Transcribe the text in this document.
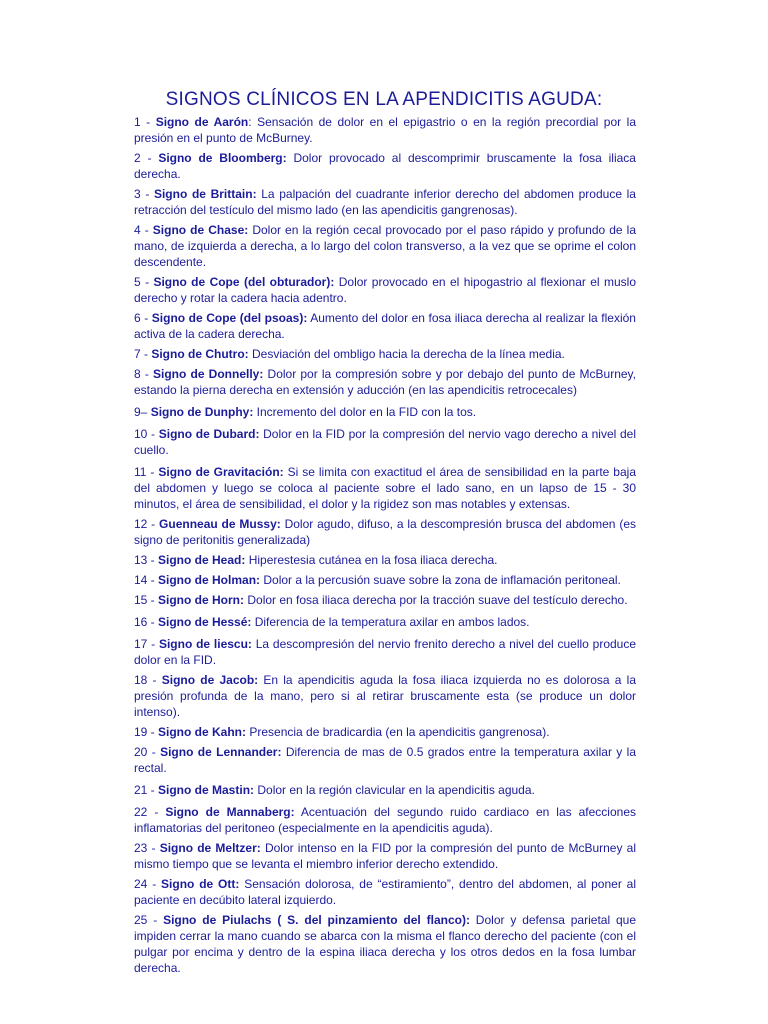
SIGNOS CLÍNICOS EN LA APENDICITIS AGUDA:
1 - Signo de Aarón: Sensación de dolor en el epigastrio o en la región precordial por la presión en el punto de McBurney.
2 - Signo de Bloomberg: Dolor provocado al descomprimir bruscamente la fosa iliaca derecha.
3 - Signo de Brittain: La palpación del cuadrante inferior derecho del abdomen produce la retracción del testículo del mismo lado (en las apendicitis gangrenosas).
4 - Signo de Chase: Dolor en la región cecal provocado por el paso rápido y profundo de la mano, de izquierda a derecha, a lo largo del colon transverso, a la vez que se oprime el colon descendente.
5 - Signo de Cope (del obturador): Dolor provocado en el hipogastrio al flexionar el muslo derecho y rotar la cadera hacia adentro.
6 - Signo de Cope (del psoas): Aumento del dolor en fosa iliaca derecha al realizar la flexión activa de la cadera derecha.
7 - Signo de Chutro: Desviación del ombligo hacia la derecha de la línea media.
8 - Signo de Donnelly: Dolor por la compresión sobre y por debajo del punto de McBurney, estando la pierna derecha en extensión y aducción (en las apendicitis retrocecales)
9– Signo de Dunphy: Incremento del dolor en la FID con la tos.
10 - Signo de Dubard: Dolor en la FID por la compresión del nervio vago derecho a nivel del cuello.
11 - Signo de Gravitación: Si se limita con exactitud el área de sensibilidad en la parte baja del abdomen y luego se coloca al paciente sobre el lado sano, en un lapso de 15 - 30 minutos, el área de sensibilidad, el dolor y la rigidez son mas notables y extensas.
12 - Guenneau de Mussy: Dolor agudo, difuso, a la descompresión brusca del abdomen (es signo de peritonitis generalizada)
13 - Signo de Head: Hiperestesia cutánea en la fosa iliaca derecha.
14 - Signo de Holman: Dolor a la percusión suave sobre la zona de inflamación peritoneal.
15 - Signo de Horn: Dolor en fosa iliaca derecha por la tracción suave del testículo derecho.
16 - Signo de Hessé: Diferencia de la temperatura axilar en ambos lados.
17 - Signo de liescu: La descompresión del nervio frenito derecho a nivel del cuello produce dolor en la FID.
18 - Signo de Jacob: En la apendicitis aguda la fosa iliaca izquierda no es dolorosa a la presión profunda de la mano, pero si al retirar bruscamente esta (se produce un dolor intenso).
19 - Signo de Kahn: Presencia de bradicardia (en la apendicitis gangrenosa).
20 - Signo de Lennander: Diferencia de mas de 0.5 grados entre la temperatura axilar y la rectal.
21 - Signo de Mastin: Dolor en la región clavicular en la apendicitis aguda.
22 - Signo de Mannaberg: Acentuación del segundo ruido cardiaco en las afecciones inflamatorias del peritoneo (especialmente en la apendicitis aguda).
23 - Signo de Meltzer: Dolor intenso en la FID por la compresión del punto de McBurney al mismo tiempo que se levanta el miembro inferior derecho extendido.
24 - Signo de Ott: Sensación dolorosa, de “estiramiento”, dentro del abdomen, al poner al paciente en decúbito lateral izquierdo.
25 - Signo de Piulachs ( S. del pinzamiento del flanco): Dolor y defensa parietal que impiden cerrar la mano cuando se abarca con la misma el flanco derecho del paciente (con el pulgar por encima y dentro de la espina iliaca derecha y los otros dedos en la fosa lumbar derecha.
